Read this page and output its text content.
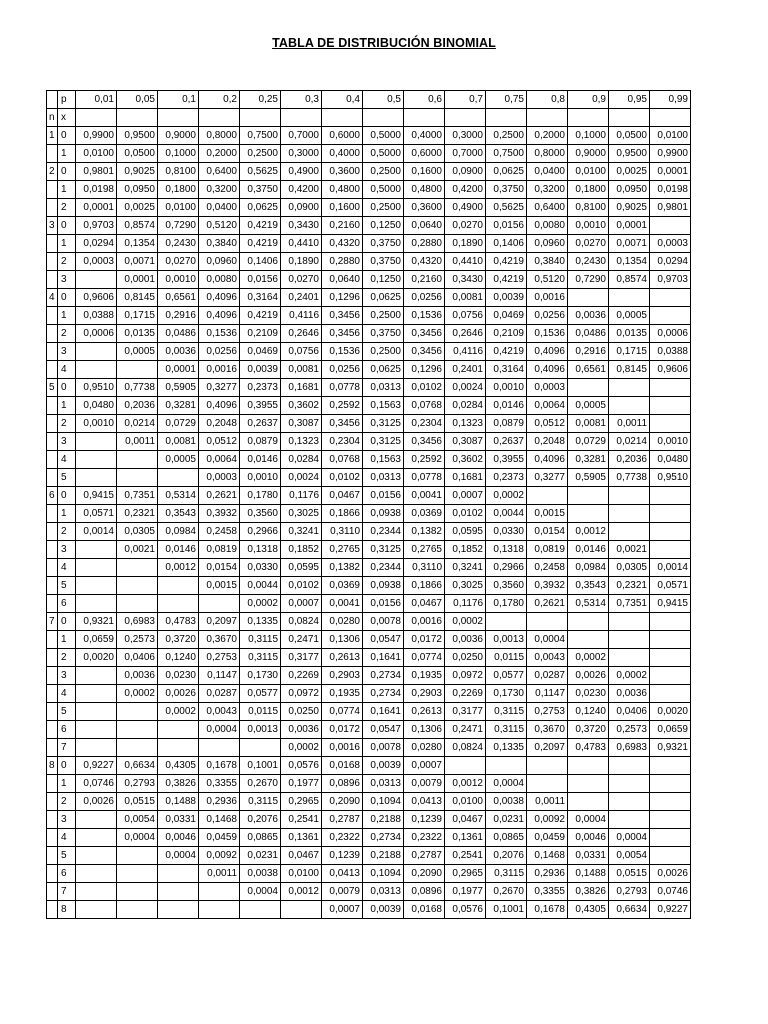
TABLA DE DISTRIBUCIÓN BINOMIAL
	p	0,01	0,05	0,1	0,2	0,25	0,3	0,4	0,5	0,6	0,7	0,75	0,8	0,9	0,95	0,99
n	x															
1	0	0,9900	0,9500	0,9000	0,8000	0,7500	0,7000	0,6000	0,5000	0,4000	0,3000	0,2500	0,2000	0,1000	0,0500	0,0100
	1	0,0100	0,0500	0,1000	0,2000	0,2500	0,3000	0,4000	0,5000	0,6000	0,7000	0,7500	0,8000	0,9000	0,9500	0,9900
2	0	0,9801	0,9025	0,8100	0,6400	0,5625	0,4900	0,3600	0,2500	0,1600	0,0900	0,0625	0,0400	0,0100	0,0025	0,0001
	1	0,0198	0,0950	0,1800	0,3200	0,3750	0,4200	0,4800	0,5000	0,4800	0,4200	0,3750	0,3200	0,1800	0,0950	0,0198
	2	0,0001	0,0025	0,0100	0,0400	0,0625	0,0900	0,1600	0,2500	0,3600	0,4900	0,5625	0,6400	0,8100	0,9025	0,9801
3	0	0,9703	0,8574	0,7290	0,5120	0,4219	0,3430	0,2160	0,1250	0,0640	0,0270	0,0156	0,0080	0,0010	0,0001	
	1	0,0294	0,1354	0,2430	0,3840	0,4219	0,4410	0,4320	0,3750	0,2880	0,1890	0,1406	0,0960	0,0270	0,0071	0,0003
	2	0,0003	0,0071	0,0270	0,0960	0,1406	0,1890	0,2880	0,3750	0,4320	0,4410	0,4219	0,3840	0,2430	0,1354	0,0294
	3		0,0001	0,0010	0,0080	0,0156	0,0270	0,0640	0,1250	0,2160	0,3430	0,4219	0,5120	0,7290	0,8574	0,9703
4	0	0,9606	0,8145	0,6561	0,4096	0,3164	0,2401	0,1296	0,0625	0,0256	0,0081	0,0039	0,0016			
	1	0,0388	0,1715	0,2916	0,4096	0,4219	0,4116	0,3456	0,2500	0,1536	0,0756	0,0469	0,0256	0,0036	0,0005	
	2	0,0006	0,0135	0,0486	0,1536	0,2109	0,2646	0,3456	0,3750	0,3456	0,2646	0,2109	0,1536	0,0486	0,0135	0,0006
	3		0,0005	0,0036	0,0256	0,0469	0,0756	0,1536	0,2500	0,3456	0,4116	0,4219	0,4096	0,2916	0,1715	0,0388
	4			0,0001	0,0016	0,0039	0,0081	0,0256	0,0625	0,1296	0,2401	0,3164	0,4096	0,6561	0,8145	0,9606
5	0	0,9510	0,7738	0,5905	0,3277	0,2373	0,1681	0,0778	0,0313	0,0102	0,0024	0,0010	0,0003			
	1	0,0480	0,2036	0,3281	0,4096	0,3955	0,3602	0,2592	0,1563	0,0768	0,0284	0,0146	0,0064	0,0005		
	2	0,0010	0,0214	0,0729	0,2048	0,2637	0,3087	0,3456	0,3125	0,2304	0,1323	0,0879	0,0512	0,0081	0,0011	
	3		0,0011	0,0081	0,0512	0,0879	0,1323	0,2304	0,3125	0,3456	0,3087	0,2637	0,2048	0,0729	0,0214	0,0010
	4			0,0005	0,0064	0,0146	0,0284	0,0768	0,1563	0,2592	0,3602	0,3955	0,4096	0,3281	0,2036	0,0480
	5				0,0003	0,0010	0,0024	0,0102	0,0313	0,0778	0,1681	0,2373	0,3277	0,5905	0,7738	0,9510
6	0	0,9415	0,7351	0,5314	0,2621	0,1780	0,1176	0,0467	0,0156	0,0041	0,0007	0,0002				
	1	0,0571	0,2321	0,3543	0,3932	0,3560	0,3025	0,1866	0,0938	0,0369	0,0102	0,0044	0,0015			
	2	0,0014	0,0305	0,0984	0,2458	0,2966	0,3241	0,3110	0,2344	0,1382	0,0595	0,0330	0,0154	0,0012		
	3		0,0021	0,0146	0,0819	0,1318	0,1852	0,2765	0,3125	0,2765	0,1852	0,1318	0,0819	0,0146	0,0021	
	4			0,0012	0,0154	0,0330	0,0595	0,1382	0,2344	0,3110	0,3241	0,2966	0,2458	0,0984	0,0305	0,0014
	5				0,0015	0,0044	0,0102	0,0369	0,0938	0,1866	0,3025	0,3560	0,3932	0,3543	0,2321	0,0571
	6					0,0002	0,0007	0,0041	0,0156	0,0467	0,1176	0,1780	0,2621	0,5314	0,7351	0,9415
7	0	0,9321	0,6983	0,4783	0,2097	0,1335	0,0824	0,0280	0,0078	0,0016	0,0002					
	1	0,0659	0,2573	0,3720	0,3670	0,3115	0,2471	0,1306	0,0547	0,0172	0,0036	0,0013	0,0004			
	2	0,0020	0,0406	0,1240	0,2753	0,3115	0,3177	0,2613	0,1641	0,0774	0,0250	0,0115	0,0043	0,0002		
	3		0,0036	0,0230	0,1147	0,1730	0,2269	0,2903	0,2734	0,1935	0,0972	0,0577	0,0287	0,0026	0,0002	
	4		0,0002	0,0026	0,0287	0,0577	0,0972	0,1935	0,2734	0,2903	0,2269	0,1730	0,1147	0,0230	0,0036	
	5			0,0002	0,0043	0,0115	0,0250	0,0774	0,1641	0,2613	0,3177	0,3115	0,2753	0,1240	0,0406	0,0020
	6				0,0004	0,0013	0,0036	0,0172	0,0547	0,1306	0,2471	0,3115	0,3670	0,3720	0,2573	0,0659
	7						0,0002	0,0016	0,0078	0,0280	0,0824	0,1335	0,2097	0,4783	0,6983	0,9321
8	0	0,9227	0,6634	0,4305	0,1678	0,1001	0,0576	0,0168	0,0039	0,0007						
	1	0,0746	0,2793	0,3826	0,3355	0,2670	0,1977	0,0896	0,0313	0,0079	0,0012	0,0004				
	2	0,0026	0,0515	0,1488	0,2936	0,3115	0,2965	0,2090	0,1094	0,0413	0,0100	0,0038	0,0011			
	3		0,0054	0,0331	0,1468	0,2076	0,2541	0,2787	0,2188	0,1239	0,0467	0,0231	0,0092	0,0004		
	4		0,0004	0,0046	0,0459	0,0865	0,1361	0,2322	0,2734	0,2322	0,1361	0,0865	0,0459	0,0046	0,0004	
	5			0,0004	0,0092	0,0231	0,0467	0,1239	0,2188	0,2787	0,2541	0,2076	0,1468	0,0331	0,0054	
	6				0,0011	0,0038	0,0100	0,0413	0,1094	0,2090	0,2965	0,3115	0,2936	0,1488	0,0515	0,0026
	7					0,0004	0,0012	0,0079	0,0313	0,0896	0,1977	0,2670	0,3355	0,3826	0,2793	0,0746
	8							0,0007	0,0039	0,0168	0,0576	0,1001	0,1678	0,4305	0,6634	0,9227
